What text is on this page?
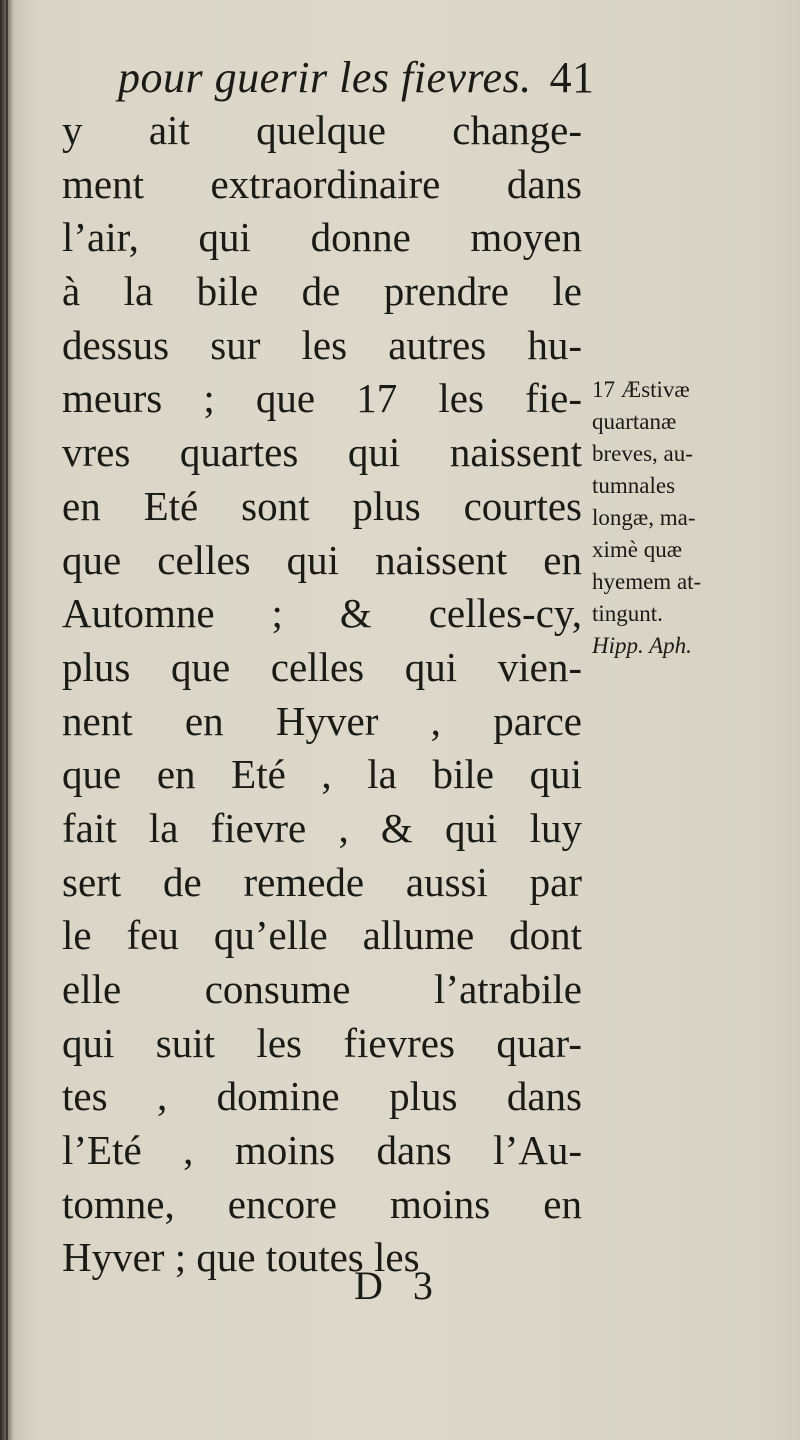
pour guerir les fievres. 41
y ait quelque change-
ment extraordinaire dans
l’air, qui donne moyen
à la bile de prendre le
dessus sur les autres hu-
meurs ; que 17 les fie-
vres quartes qui naissent
en Eté sont plus courtes
que celles qui naissent en
Automne ; & celles-cy,
plus que celles qui vien-
nent en Hyver , parce
que en Eté , la bile qui
fait la fievre , & qui luy
sert de remede aussi par
le feu qu’elle allume dont
elle consume l’atrabile
qui suit les fievres quar-
tes , domine plus dans
l’Eté , moins dans l’Au-
tomne, encore moins en
Hyver ; que toutes les
17 Æstivæ
quartanæ
breves, au-
tumnales
longæ, ma-
ximè quæ
hyemem at-
tingunt.
Hipp. Aph.
D 3
